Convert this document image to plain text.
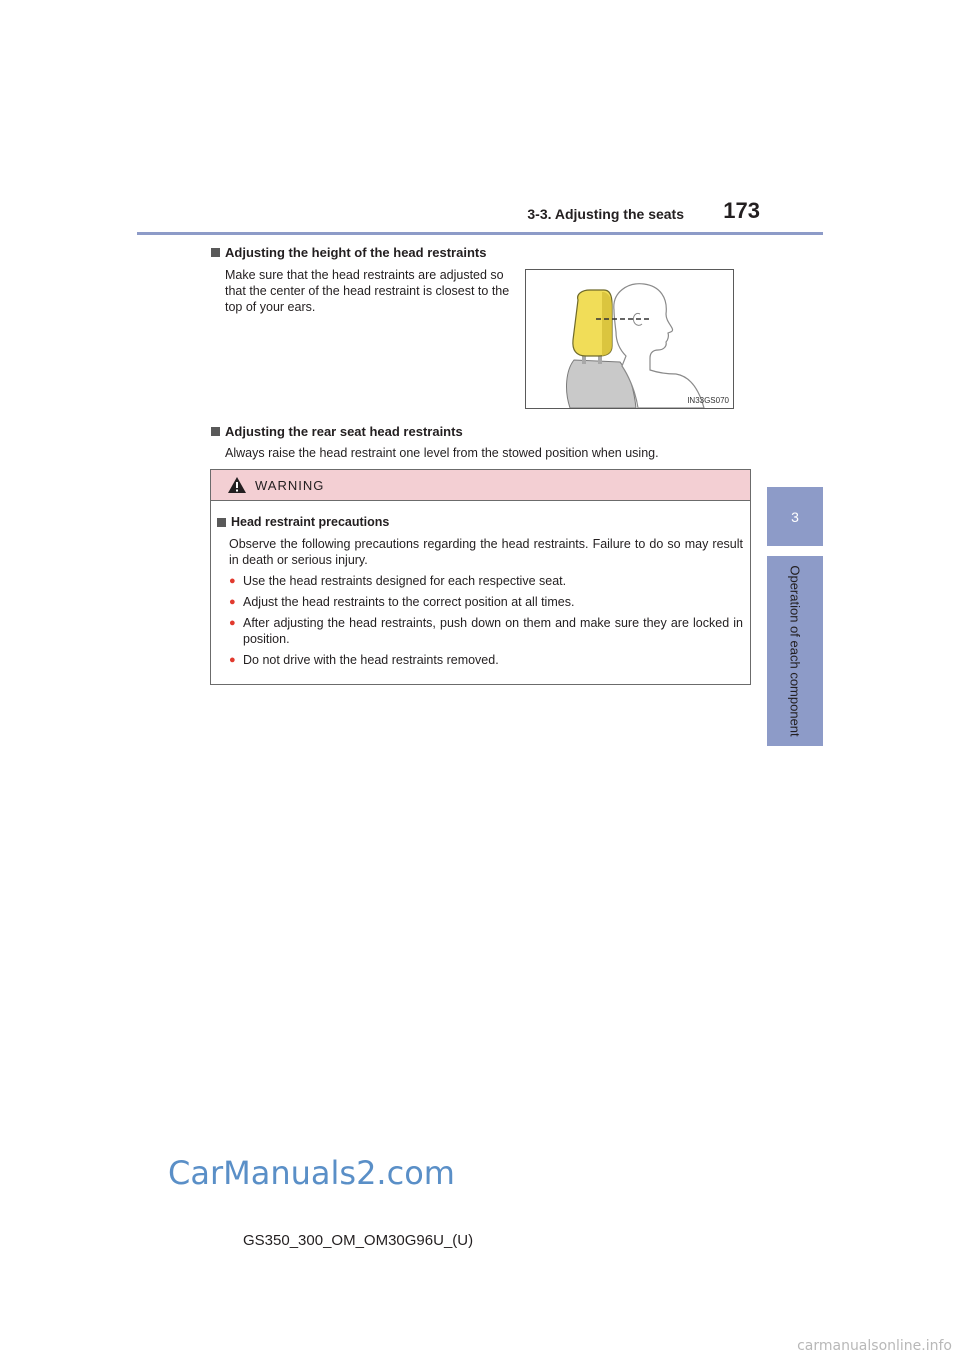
3-3. Adjusting the seats 173
3
Operation of each component
Adjusting the height of the head restraints
Make sure that the head restraints are adjusted so that the center of the head restraint is closest to the top of your ears.
IN33GS070
Adjusting the rear seat head restraints
Always raise the head restraint one level from the stowed position when using.
WARNING
Head restraint precautions
Observe the following precautions regarding the head restraints. Failure to do so may result in death or serious injury.
● Use the head restraints designed for each respective seat.
● Adjust the head restraints to the correct position at all times.
● After adjusting the head restraints, push down on them and make sure they are locked in position.
● Do not drive with the head restraints removed.
CarManuals2.com
GS350_300_OM_OM30G96U_(U)
carmanualsonline.info
